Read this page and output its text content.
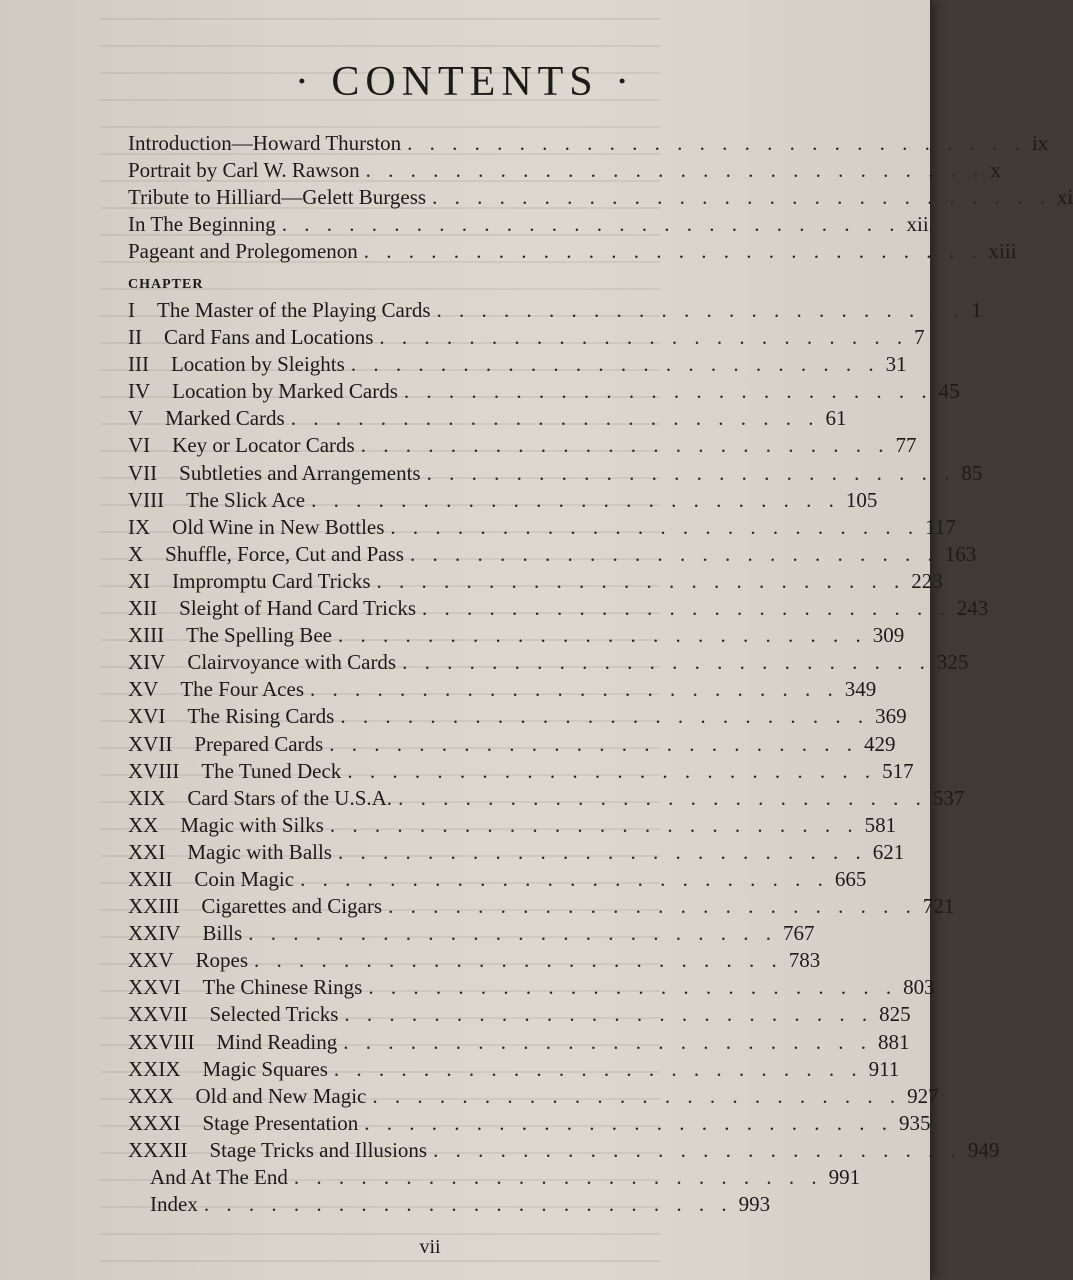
· CONTENTS ·
Introduction—Howard Thurston . . . . . . . . . . . . . . . . . . . . . . . . . . . . ix
Portrait by Carl W. Rawson . . . . . . . . . . . . . . . . . . . . . . . . . . . . x
Tribute to Hilliard—Gelett Burgess . . . . . . . . . . . . . . . . . . . . . . . . . . . . xi
In The Beginning . . . . . . . . . . . . . . . . . . . . . . . . . . . . xii
Pageant and Prolegomenon . . . . . . . . . . . . . . . . . . . . . . . . . . . . xiii
CHAPTER
I	The Master of the Playing Cards . . . . . . . . . . . . . . . . . . . . . . . . 1
II	Card Fans and Locations . . . . . . . . . . . . . . . . . . . . . . . . 7
III	Location by Sleights . . . . . . . . . . . . . . . . . . . . . . . . 31
IV	Location by Marked Cards . . . . . . . . . . . . . . . . . . . . . . . . 45
V	Marked Cards . . . . . . . . . . . . . . . . . . . . . . . . 61
VI	Key or Locator Cards . . . . . . . . . . . . . . . . . . . . . . . . 77
VII	Subtleties and Arrangements . . . . . . . . . . . . . . . . . . . . . . . . 85
VIII	The Slick Ace . . . . . . . . . . . . . . . . . . . . . . . . 105
IX	Old Wine in New Bottles . . . . . . . . . . . . . . . . . . . . . . . . 117
X	Shuffle, Force, Cut and Pass . . . . . . . . . . . . . . . . . . . . . . . . 163
XI	Impromptu Card Tricks . . . . . . . . . . . . . . . . . . . . . . . . 223
XII	Sleight of Hand Card Tricks . . . . . . . . . . . . . . . . . . . . . . . . 243
XIII	The Spelling Bee . . . . . . . . . . . . . . . . . . . . . . . . 309
XIV	Clairvoyance with Cards . . . . . . . . . . . . . . . . . . . . . . . . 325
XV	The Four Aces . . . . . . . . . . . . . . . . . . . . . . . . 349
XVI	The Rising Cards . . . . . . . . . . . . . . . . . . . . . . . . 369
XVII	Prepared Cards . . . . . . . . . . . . . . . . . . . . . . . . 429
XVIII	The Tuned Deck . . . . . . . . . . . . . . . . . . . . . . . . 517
XIX	Card Stars of the U.S.A. . . . . . . . . . . . . . . . . . . . . . . . . 537
XX	Magic with Silks . . . . . . . . . . . . . . . . . . . . . . . . 581
XXI	Magic with Balls . . . . . . . . . . . . . . . . . . . . . . . . 621
XXII	Coin Magic . . . . . . . . . . . . . . . . . . . . . . . . 665
XXIII	Cigarettes and Cigars . . . . . . . . . . . . . . . . . . . . . . . . 721
XXIV	Bills . . . . . . . . . . . . . . . . . . . . . . . . 767
XXV	Ropes . . . . . . . . . . . . . . . . . . . . . . . . 783
XXVI	The Chinese Rings . . . . . . . . . . . . . . . . . . . . . . . . 803
XXVII	Selected Tricks . . . . . . . . . . . . . . . . . . . . . . . . 825
XXVIII	Mind Reading . . . . . . . . . . . . . . . . . . . . . . . . 881
XXIX	Magic Squares . . . . . . . . . . . . . . . . . . . . . . . . 911
XXX	Old and New Magic . . . . . . . . . . . . . . . . . . . . . . . . 927
XXXI	Stage Presentation . . . . . . . . . . . . . . . . . . . . . . . . 935
XXXII	Stage Tricks and Illusions . . . . . . . . . . . . . . . . . . . . . . . . 949
And At The End . . . . . . . . . . . . . . . . . . . . . . . . 991
Index . . . . . . . . . . . . . . . . . . . . . . . . 993
vii
